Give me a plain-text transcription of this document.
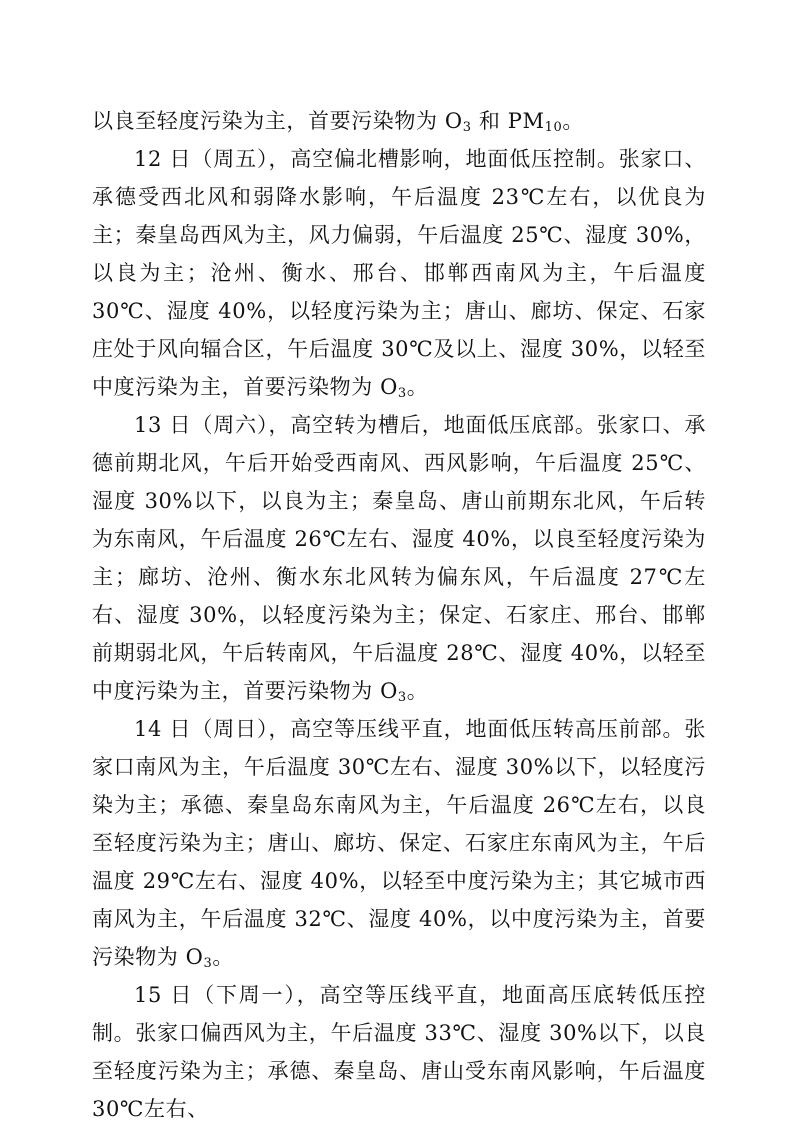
以良至轻度污染为主，首要污染物为 $O_3$ 和 $PM_{10}$。

12 日（周五），高空偏北槽影响，地面低压控制。张家口、承德受西北风和弱降水影响，午后温度 23℃左右，以优良为主；秦皇岛西风为主，风力偏弱，午后温度 25℃、湿度 30%，以良为主；沧州、衡水、邢台、邯郸西南风为主，午后温度 30℃、湿度 40%，以轻度污染为主；唐山、廊坊、保定、石家庄处于风向辐合区，午后温度 30℃及以上、湿度 30%，以轻至中度污染为主，首要污染物为 $O_3$。

13 日（周六），高空转为槽后，地面低压底部。张家口、承德前期北风，午后开始受西南风、西风影响，午后温度 25℃、湿度 30%以下，以良为主；秦皇岛、唐山前期东北风，午后转为东南风，午后温度 26℃左右、湿度 40%，以良至轻度污染为主；廊坊、沧州、衡水东北风转为偏东风，午后温度 27℃左右、湿度 30%，以轻度污染为主；保定、石家庄、邢台、邯郸前期弱北风，午后转南风，午后温度 28℃、湿度 40%，以轻至中度污染为主，首要污染物为 $O_3$。

14 日（周日），高空等压线平直，地面低压转高压前部。张家口南风为主，午后温度 30℃左右、湿度 30%以下，以轻度污染为主；承德、秦皇岛东南风为主，午后温度 26℃左右，以良至轻度污染为主；唐山、廊坊、保定、石家庄东南风为主，午后温度 29℃左右、湿度 40%，以轻至中度污染为主；其它城市西南风为主，午后温度 32℃、湿度 40%，以中度污染为主，首要污染物为 $O_3$。

15 日（下周一），高空等压线平直，地面高压底转低压控制。张家口偏西风为主，午后温度 33℃、湿度 30%以下，以良至轻度污染为主；承德、秦皇岛、唐山受东南风影响，午后温度 30℃左右、
